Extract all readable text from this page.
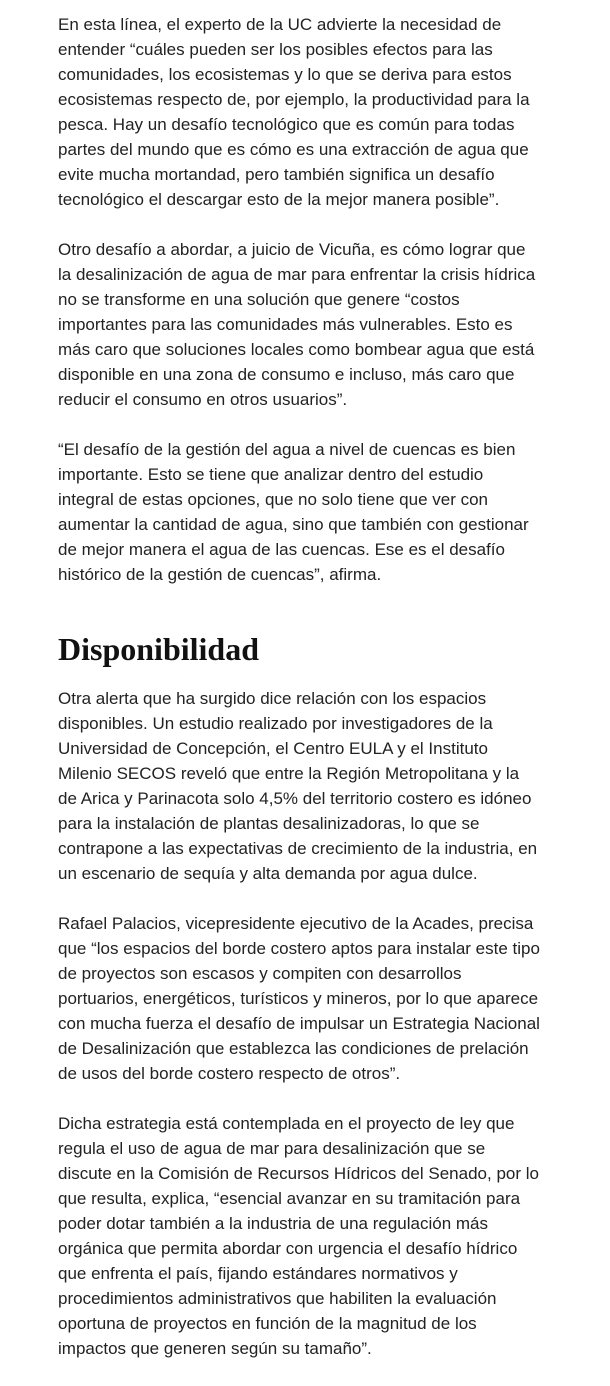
En esta línea, el experto de la UC advierte la necesidad de
entender “cuáles pueden ser los posibles efectos para las
comunidades, los ecosistemas y lo que se deriva para estos
ecosistemas respecto de, por ejemplo, la productividad para la
pesca. Hay un desafío tecnológico que es común para todas
partes del mundo que es cómo es una extracción de agua que
evite mucha mortandad, pero también significa un desafío
tecnológico el descargar esto de la mejor manera posible”.

Otro desafío a abordar, a juicio de Vicuña, es cómo lograr que
la desalinización de agua de mar para enfrentar la crisis hídrica
no se transforme en una solución que genere “costos
importantes para las comunidades más vulnerables. Esto es
más caro que soluciones locales como bombear agua que está
disponible en una zona de consumo e incluso, más caro que
reducir el consumo en otros usuarios”.

“El desafío de la gestión del agua a nivel de cuencas es bien
importante. Esto se tiene que analizar dentro del estudio
integral de estas opciones, que no solo tiene que ver con
aumentar la cantidad de agua, sino que también con gestionar
de mejor manera el agua de las cuencas. Ese es el desafío
histórico de la gestión de cuencas”, afirma.

Disponibilidad

Otra alerta que ha surgido dice relación con los espacios
disponibles. Un estudio realizado por investigadores de la
Universidad de Concepción, el Centro EULA y el Instituto
Milenio SECOS reveló que entre la Región Metropolitana y la
de Arica y Parinacota solo 4,5% del territorio costero es idóneo
para la instalación de plantas desalinizadoras, lo que se
contrapone a las expectativas de crecimiento de la industria, en
un escenario de sequía y alta demanda por agua dulce.

Rafael Palacios, vicepresidente ejecutivo de la Acades, precisa
que “los espacios del borde costero aptos para instalar este tipo
de proyectos son escasos y compiten con desarrollos
portuarios, energéticos, turísticos y mineros, por lo que aparece
con mucha fuerza el desafío de impulsar un Estrategia Nacional
de Desalinización que establezca las condiciones de prelación
de usos del borde costero respecto de otros”.

Dicha estrategia está contemplada en el proyecto de ley que
regula el uso de agua de mar para desalinización que se
discute en la Comisión de Recursos Hídricos del Senado, por lo
que resulta, explica, “esencial avanzar en su tramitación para
poder dotar también a la industria de una regulación más
orgánica que permita abordar con urgencia el desafío hídrico
que enfrenta el país, fijando estándares normativos y
procedimientos administrativos que habiliten la evaluación
oportuna de proyectos en función de la magnitud de los
impactos que generen según su tamaño”.
